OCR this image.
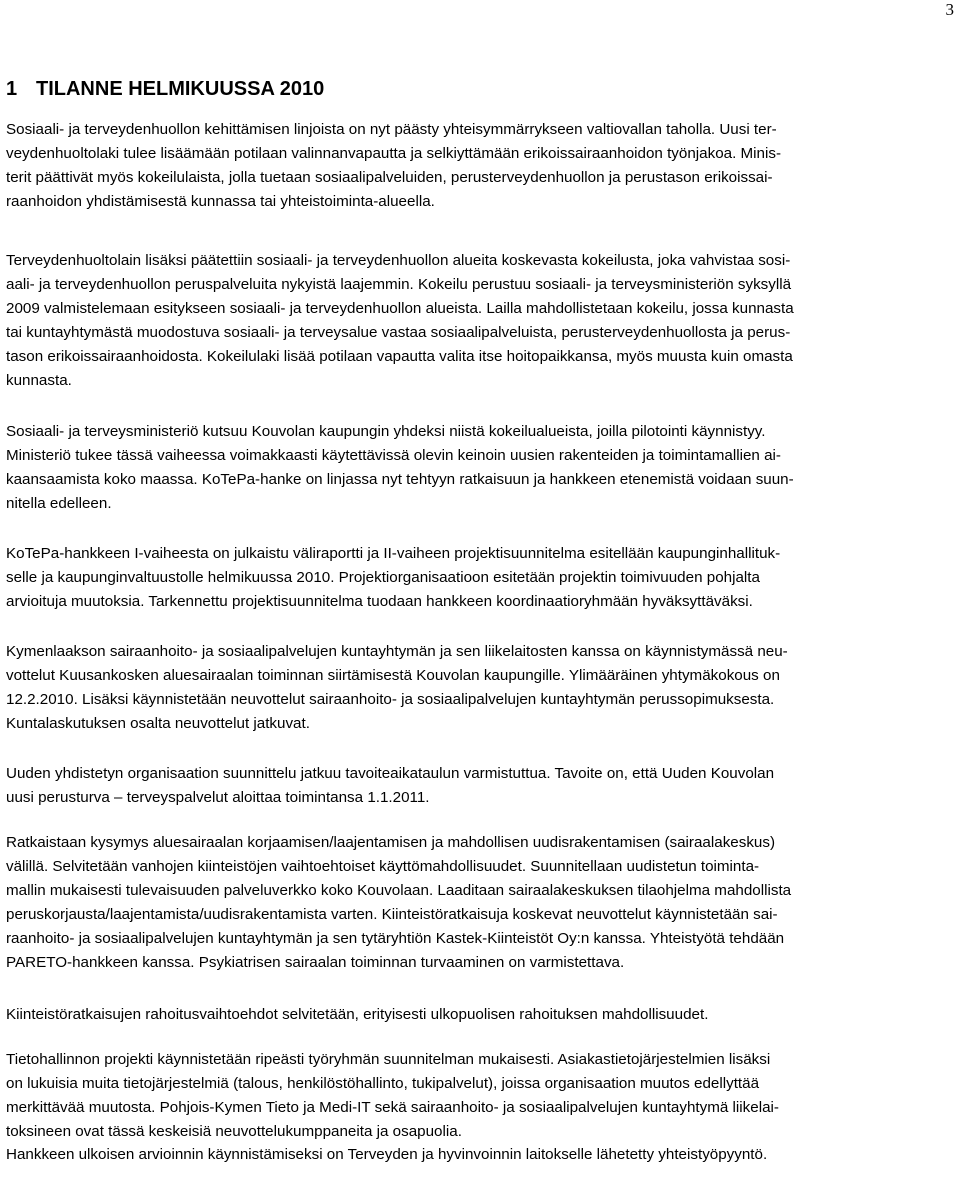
3
1 TILANNE HELMIKUUSSA 2010
Sosiaali- ja terveydenhuollon kehittämisen linjoista on nyt päästy yhteisymmärrykseen valtiovallan taholla. Uusi ter-
veydenhuoltolaki tulee lisäämään potilaan valinnanvapautta ja selkiyttämään erikoissairaanhoidon työnjakoa. Minis-
terit päättivät myös kokeilulaista, jolla tuetaan sosiaalipalveluiden, perusterveydenhuollon ja perustason erikoissai-
raanhoidon yhdistämisestä kunnassa tai yhteistoiminta-alueella.
Terveydenhuoltolain lisäksi päätettiin sosiaali- ja terveydenhuollon alueita koskevasta kokeilusta, joka vahvistaa sosi-
aali- ja terveydenhuollon peruspalveluita nykyistä laajemmin. Kokeilu perustuu sosiaali- ja terveysministeriön syksyllä
2009 valmistelemaan esitykseen sosiaali- ja terveydenhuollon alueista. Lailla mahdollistetaan kokeilu, jossa kunnasta
tai kuntayhtymästä muodostuva sosiaali- ja terveysalue vastaa sosiaalipalveluista, perusterveydenhuollosta ja perus-
tason erikoissairaanhoidosta. Kokeilulaki lisää potilaan vapautta valita itse hoitopaikkansa, myös muusta kuin omasta
kunnasta.
Sosiaali- ja terveysministeriö kutsuu Kouvolan kaupungin yhdeksi niistä kokeilualueista, joilla pilotointi käynnistyy.
Ministeriö tukee tässä vaiheessa voimakkaasti käytettävissä olevin keinoin uusien rakenteiden ja toimintamallien ai-
kaansaamista koko maassa. KoTePa-hanke on linjassa nyt tehtyyn ratkaisuun ja hankkeen etenemistä voidaan suun-
nitella edelleen.
KoTePa-hankkeen I-vaiheesta on julkaistu väliraportti ja II-vaiheen projektisuunnitelma esitellään kaupunginhallituk-
selle ja kaupunginvaltuustolle helmikuussa 2010. Projektiorganisaatioon esitetään projektin toimivuuden pohjalta
arvioituja muutoksia. Tarkennettu projektisuunnitelma tuodaan hankkeen koordinaatioryhmään hyväksyttäväksi.
Kymenlaakson sairaanhoito- ja sosiaalipalvelujen kuntayhtymän ja sen liikelaitosten kanssa on käynnistymässä neu-
vottelut Kuusankosken aluesairaalan toiminnan siirtämisestä Kouvolan kaupungille. Ylimääräinen yhtymäkokous on
12.2.2010. Lisäksi käynnistetään neuvottelut sairaanhoito- ja sosiaalipalvelujen kuntayhtymän perussopimuksesta.
Kuntalaskutuksen osalta neuvottelut jatkuvat.
Uuden yhdistetyn organisaation suunnittelu jatkuu tavoiteaikataulun varmistuttua. Tavoite on, että Uuden Kouvolan
uusi perusturva – terveyspalvelut aloittaa toimintansa 1.1.2011.
Ratkaistaan kysymys aluesairaalan korjaamisen/laajentamisen ja mahdollisen uudisrakentamisen (sairaalakeskus)
välillä. Selvitetään vanhojen kiinteistöjen vaihtoehtoiset käyttömahdollisuudet. Suunnitellaan uudistetun toiminta-
mallin mukaisesti tulevaisuuden palveluverkko koko Kouvolaan. Laaditaan sairaalakeskuksen tilaohjelma mahdollista
peruskorjausta/laajentamista/uudisrakentamista varten. Kiinteistöratkaisuja koskevat neuvottelut käynnistetään sai-
raanhoito- ja sosiaalipalvelujen kuntayhtymän ja sen tytäryhtiön Kastek-Kiinteistöt Oy:n kanssa. Yhteistyötä tehdään
PARETO-hankkeen kanssa. Psykiatrisen sairaalan toiminnan turvaaminen on varmistettava.
Kiinteistöratkaisujen rahoitusvaihtoehdot selvitetään, erityisesti ulkopuolisen rahoituksen mahdollisuudet.
Tietohallinnon projekti käynnistetään ripeästi työryhmän suunnitelman mukaisesti. Asiakastietojärjestelmien lisäksi
on lukuisia muita tietojärjestelmiä (talous, henkilöstöhallinto, tukipalvelut), joissa organisaation muutos edellyttää
merkittävää muutosta. Pohjois-Kymen Tieto ja Medi-IT sekä sairaanhoito- ja sosiaalipalvelujen kuntayhtymä liikelai-
toksineen ovat tässä keskeisiä neuvottelukumppaneita ja osapuolia.
Hankkeen ulkoisen arvioinnin käynnistämiseksi on Terveyden ja hyvinvoinnin laitokselle lähetetty yhteistyöpyyntö.
